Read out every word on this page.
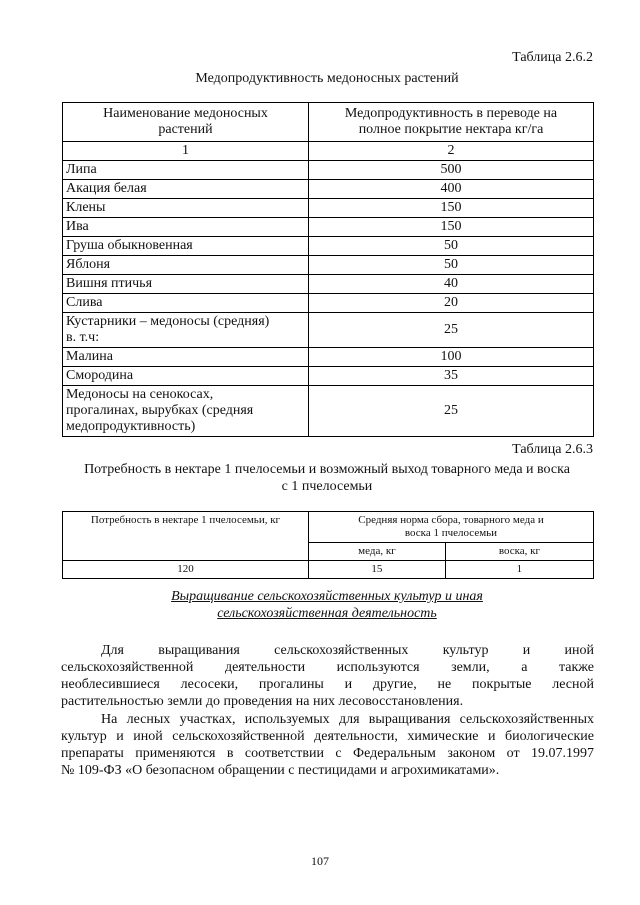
Таблица 2.6.2
Медопродуктивность медоносных растений
Наименование медоносных
растений	Медопродуктивность в переводе на
полное покрытие нектара кг/га

1	2

Липа	500

Акация белая	400

Клены	150

Ива	150

Груша обыкновенная	50

Яблоня	50

Вишня птичья	40

Слива	20

Кустарники – медоносы (средняя)
в. т.ч:	25

Малина	100

Смородина	35

Медоносы на сенокосах,
прогалинах, вырубках (средняя
медопродуктивность)	25
Таблица 2.6.3
Потребность в нектаре 1 пчелосемьи и возможный выход товарного меда и воска
с 1 пчелосемьи
Потребность в нектаре 1 пчелосемьи, кг	Средняя норма сбора, товарного меда и
воска 1 пчелосемьи	

	меда, кг	воска, кг
120	15	1
Выращивание сельскохозяйственных культур и иная
сельскохозяйственная деятельность
Для выращивания сельскохозяйственных культур и иной
сельскохозяйственной деятельности используются земли, а также
необлесившиеся лесосеки, прогалины и другие, не покрытые лесной
растительностью земли до проведения на них лесовосстановления.
На лесных участках, используемых для выращивания сельскохозяйственных
культур и иной сельскохозяйственной деятельности, химические и биологические
препараты применяются в соответствии с Федеральным законом от 19.07.1997
№ 109-ФЗ «О безопасном обращении с пестицидами и агрохимикатами».
107
